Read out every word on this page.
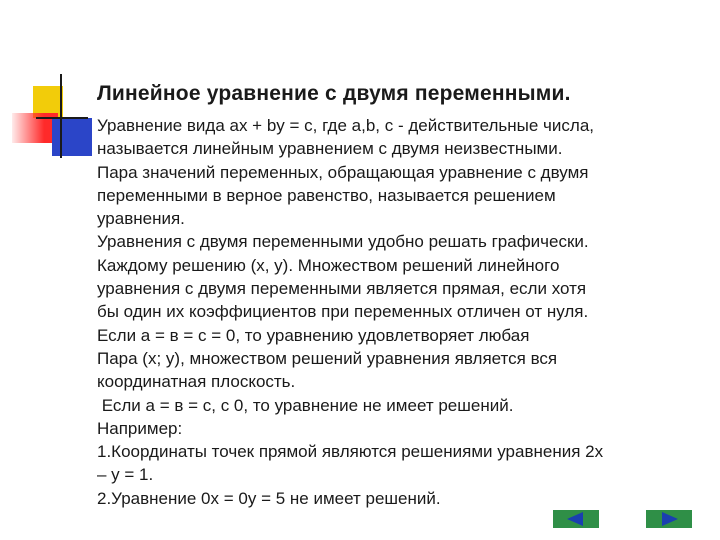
Линейное уравнение с двумя переменными.
Уравнение вида ax + by = c, где a,b, c - действительные числа,
называется линейным уравнением с двумя неизвестными.
Пара значений переменных, обращающая уравнение с двумя
переменными в верное равенство, называется решением
уравнения.
Уравнения с двумя переменными удобно решать графически.
Каждому решению (x, y). Множеством решений линейного
уравнения с двумя переменными является прямая, если хотя
бы один их коэффициентов при переменных отличен от нуля.
Если а = в = с = 0, то уравнению удовлетворяет любая
Пара (х; у), множеством решений уравнения является вся
координатная плоскость.
Если а = в = с, с 0, то уравнение не имеет решений.
Например:
1.Координаты точек прямой являются решениями уравнения 2х
– у = 1.
2.Уравнение 0х = 0у = 5 не имеет решений.
